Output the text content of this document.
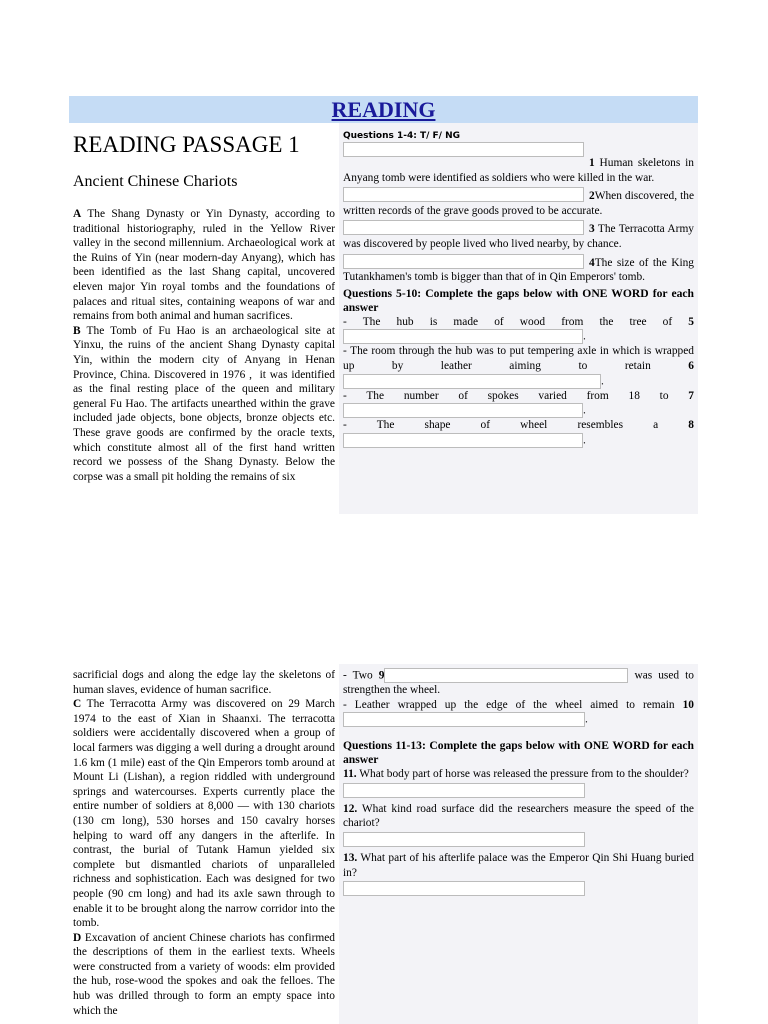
READING
READING PASSAGE 1
Ancient Chinese Chariots

A The Shang Dynasty or Yin Dynasty, according to traditional historiography, ruled in the Yellow River valley in the second millennium. Archaeological work at the Ruins of Yin (near modern-day Anyang), which has been identified as the last Shang capital, uncovered eleven major Yin royal tombs and the foundations of palaces and ritual sites, containing weapons of war and remains from both animal and human sacrifices.

B The Tomb of Fu Hao is an archaeological site at Yinxu, the ruins of the ancient Shang Dynasty capital Yin, within the modern city of Anyang in Henan Province, China. Discovered in 1976 ,  it was identified as the final resting place of the queen and military general Fu Hao. The artifacts unearthed within the grave included jade objects, bone objects, bronze objects etc. These grave goods are confirmed by the oracle texts, which constitute almost all of the first hand written record we possess of the Shang Dynasty. Below the corpse was a small pit holding the remains of six

sacrificial dogs and along the edge lay the skeletons of human slaves, evidence of human sacrifice.

C The Terracotta Army was discovered on 29 March 1974 to the east of Xian in Shaanxi. The terracotta soldiers were accidentally discovered when a group of local farmers was digging a well during a drought around 1.6 km (1 mile) east of the Qin Emperors tomb around at Mount Li (Lishan), a region riddled with underground springs and watercourses. Experts currently place the entire number of soldiers at 8,000 — with 130 chariots (130 cm long), 530 horses and 150 cavalry horses helping to ward off any dangers in the afterlife. In contrast, the burial of Tutank Hamun yielded six complete but dismantled chariots of unparalleled richness and sophistication. Each was designed for two people (90 cm long) and had its axle sawn through to enable it to be brought along the narrow corridor into the tomb.

D Excavation of ancient Chinese chariots has confirmed the descriptions of them in the earliest texts. Wheels were constructed from a variety of woods: elm provided the hub, rose-wood the spokes and oak the felloes. The hub was drilled through to form an empty space into which the

Questions 1-4: T/ F/ NG

1 Human skeletons in Anyang tomb were identified as soldiers who were killed in the war.
2When discovered, the written records of the grave goods proved to be accurate.
3 The Terracotta Army was discovered by people lived who lived nearby, by chance.
4The size of the King Tutankhamen's tomb is bigger than that of in Qin Emperors' tomb.

Questions 5-10: Complete the gaps below with ONE WORD for each answer

- The hub is made of wood from the tree of 5.

- The room through the hub was to put tempering axle in which is wrapped up by leather aiming to retain	6.

- The number of spokes varied from 18 to 7.

- The shape of wheel resembles a	8.

- Two 9	was used to strengthen the wheel.

- Leather wrapped up the edge of the wheel aimed to remain 10.

Questions 11-13: Complete the gaps below with ONE WORD for each answer

11. What body part of horse was released the pressure from to the shoulder?

12. What kind road surface did the researchers measure the speed of the chariot?

13. What part of his afterlife palace was the Emperor Qin Shi Huang buried in?
